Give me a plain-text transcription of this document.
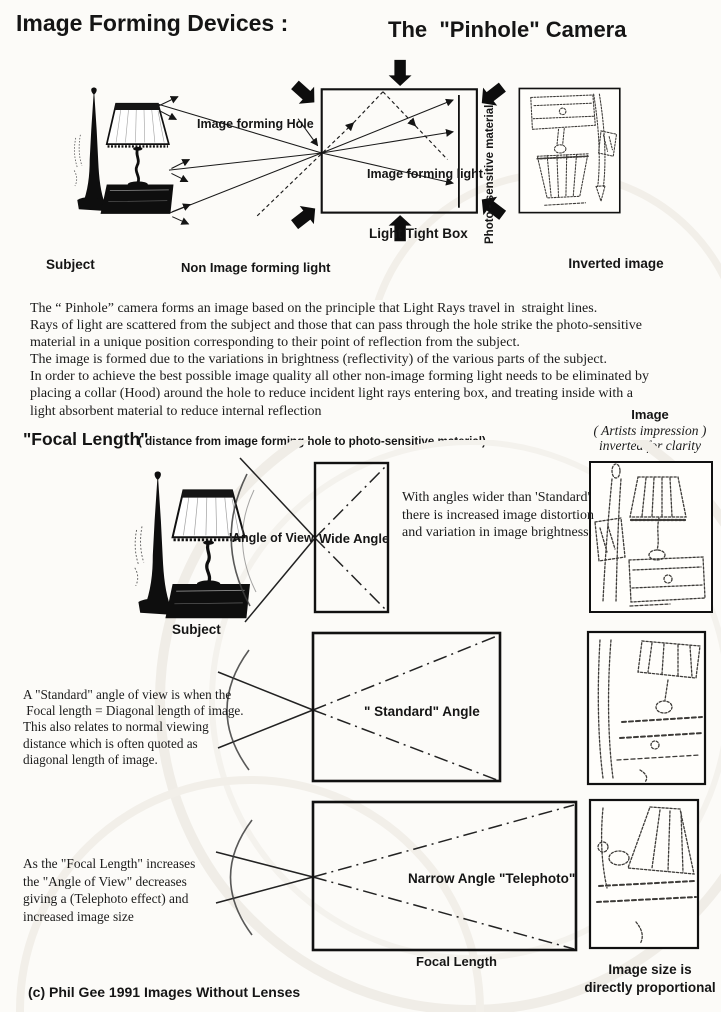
Image Forming Devices :	The  "Pinhole" Camera
Image forming Hole
Image forming light
Light Tight Box Photo - sensitive material
Non Image forming light
Subject	Inverted image
The “ Pinhole” camera forms an image based on the principle that Light Rays travel in  straight lines.
Rays of light are scattered from the subject and those that can pass through the hole strike the photo-sensitive
material in a unique position corresponding to their point of reflection from the subject.
The image is formed due to the variations in brightness (reflectivity) of the various parts of the subject.
In order to achieve the best possible image quality all other non-image forming light needs to be eliminated by
placing a collar (Hood) around the hole to reduce incident light rays entering box, and treating inside with a
light absorbent material to reduce internal reflection
"Focal Length"
( distance from image forming hole to photo-sensitive material)
Image
( Artists impression )
inverted for clarity
'Angle of View' Wide Angle
With angles wider than 'Standard'
there is increased image distortion
and variation in image brightness.
Subject
" Standard" Angle
A "Standard" angle of view is when the
Focal length = Diagonal length of image.
This also relates to normal viewing
distance which is often quoted as
diagonal length of image.
Narrow Angle "Telephoto"
As the "Focal Length" increases
the "Angle of View" decreases
giving a (Telephoto effect) and
increased image size
Focal Length
Image size is
directly proportional
(c) Phil Gee 1991 Images Without Lenses
